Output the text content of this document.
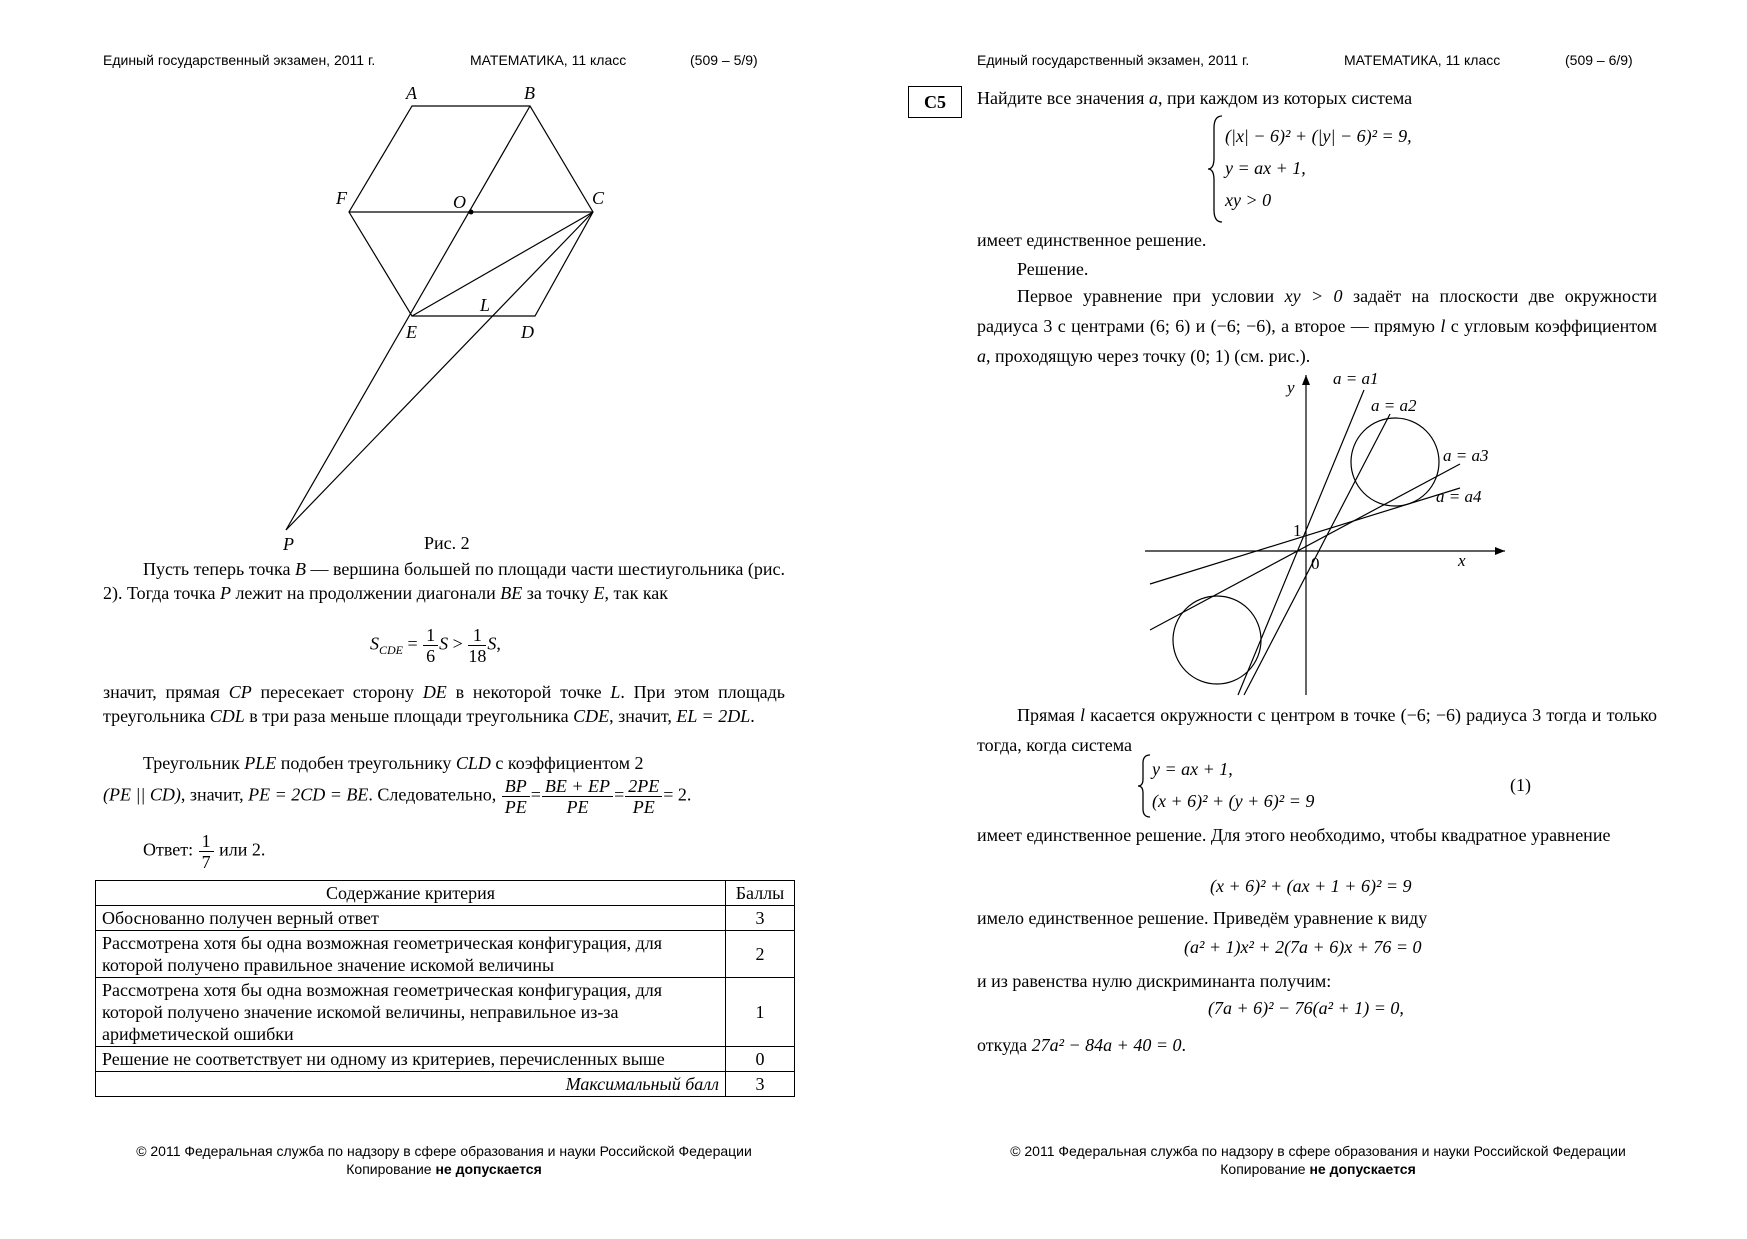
Единый государственный экзамен, 2011 г.	МАТЕМАТИКА, 11 класс	(509 – 5/9)
A	B
F	O	C
E
L
D
P	Рис. 2
Пусть теперь точка B — вершина большей по площади части шестиугольника (рис. 2). Тогда точка P лежит на продолжении диагонали BE за точку E, так как
$S_{CDE} = \frac{1}{6}$ $S > \frac{1}{18} S$,
значит, прямая CP пересекает сторону DE в некоторой точке L. При этом площадь треугольника CDL в три раза меньше площади треугольника CDE, значит, EL = 2DL.
Треугольник PLE подобен треугольнику CLD с коэффициентом 2
(PE || CD), значит, PE = 2CD = BE. Следовательно, $\frac{BP}{PE} = \frac{BE + EP}{PE} = \frac{2PE}{PE} = 2$.
Ответ: $\frac{1}{7}$ или 2.
Содержание критерия	Баллы
Обоснованно получен верный ответ	3
Рассмотрена хотя бы одна возможная геометрическая конфигурация, для которой получено правильное значение искомой величины	2
Рассмотрена хотя бы одна возможная геометрическая конфигурация, для которой получено значение искомой величины, неправильное из-за арифметической ошибки	1
Решение не соответствует ни одному из критериев, перечисленных выше	0
Максимальный балл	3
© 2011 Федеральная служба по надзору в сфере образования и науки Российской Федерации
Копирование не допускается
Единый государственный экзамен, 2011 г.	МАТЕМАТИКА, 11 класс	(509 – 6/9)
C5	Найдите все значения a, при каждом из которых система
(|x| − 6)² + (|y| − 6)² = 9,
y = ax + 1,
xy > 0
имеет единственное решение.
Решение.
Первое уравнение при условии xy > 0 задаёт на плоскости две окружности радиуса 3 с центрами (6; 6) и (−6; −6), а второе — прямую l с угловым коэффициентом a, проходящую через точку (0; 1) (см. рис.).
y
x
a = a1
a = a2
a = a3
a = a4
1
0
Прямая l касается окружности с центром в точке (−6; −6) радиуса 3 тогда и только тогда, когда система
y = ax + 1,
(x + 6)² + (y + 6)² = 9
(1)
имеет единственное решение. Для этого необходимо, чтобы квадратное уравнение
(x + 6)² + (ax + 1 + 6)² = 9
имело единственное решение. Приведём уравнение к виду
(a² + 1)x² + 2(7a + 6)x + 76 = 0
и из равенства нулю дискриминанта получим:
(7a + 6)² − 76(a² + 1) = 0,
откуда 27a² − 84a + 40 = 0.
© 2011 Федеральная служба по надзору в сфере образования и науки Российской Федерации
Копирование не допускается
